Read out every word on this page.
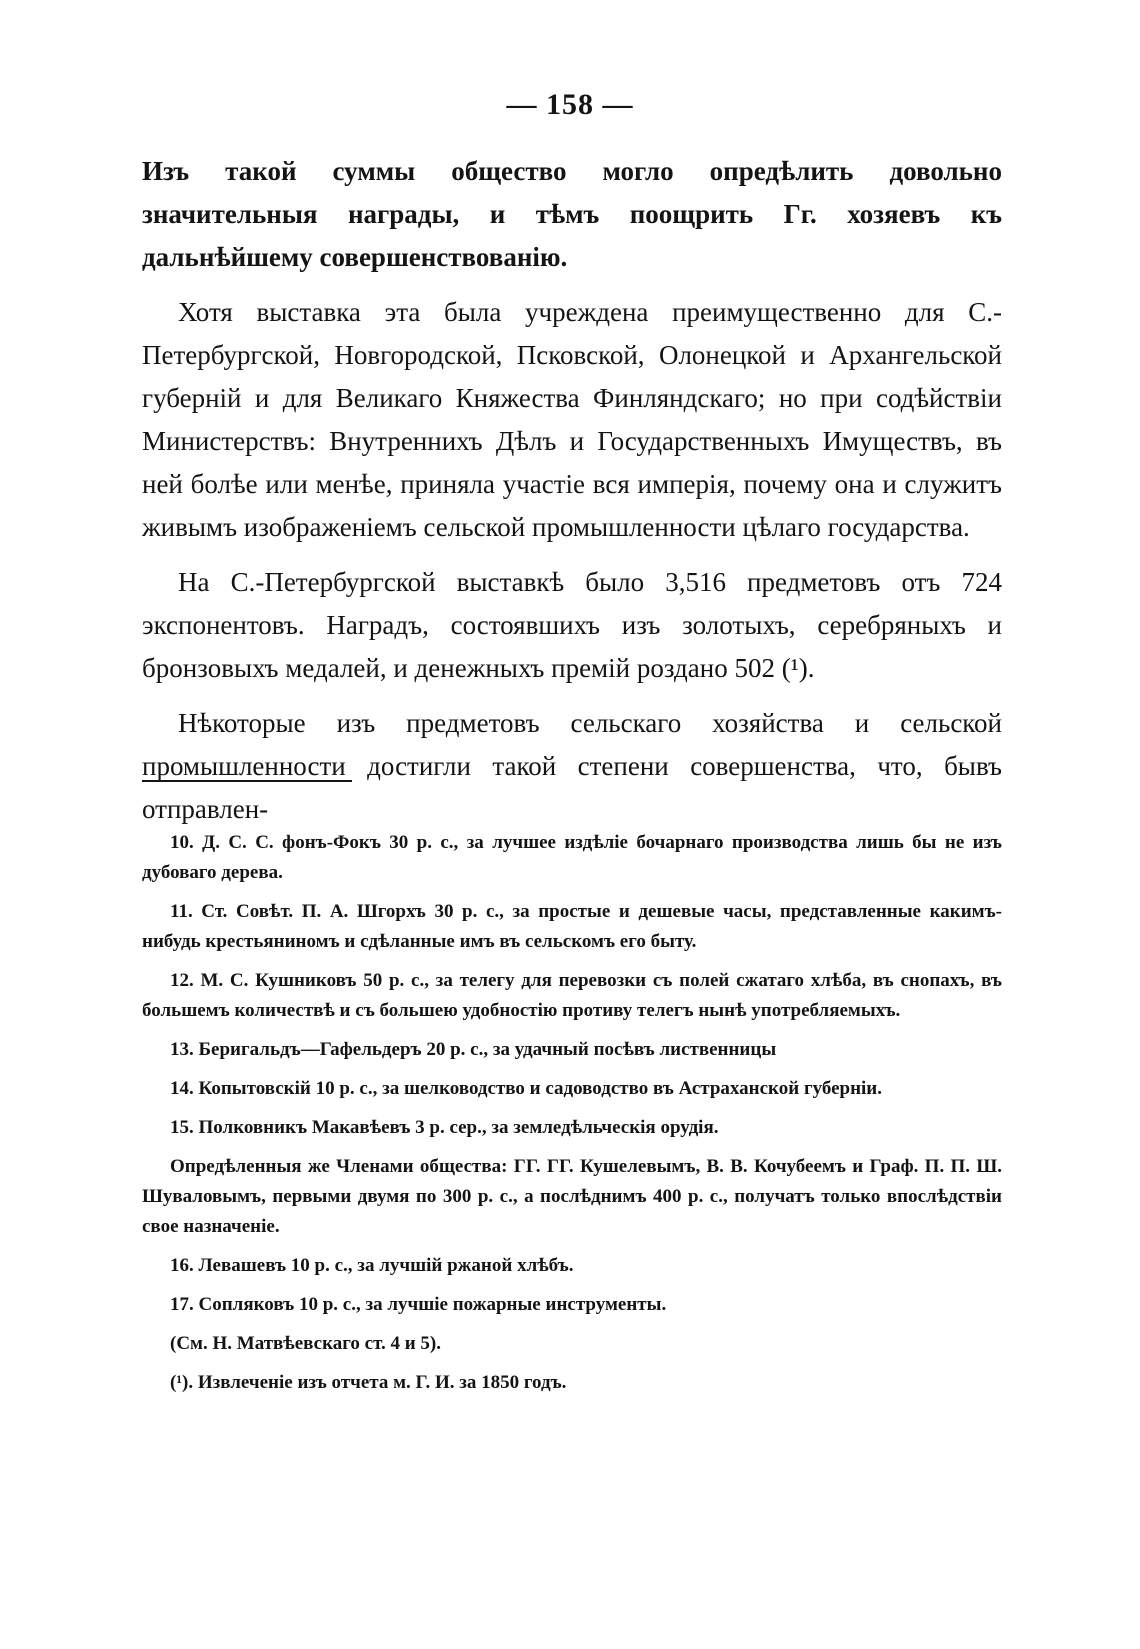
— 158 —

Изъ такой суммы общество могло опредѣлить довольно значительныя награды, и тѣмъ поощрить Гг. хозяевъ къ дальнѣйшему совершенствованію.

Хотя выставка эта была учреждена преимущественно для С.-Петербургской, Новгородской, Псковской, Олонецкой и Архангельской губерній и для Великаго Княжества Финляндскаго; но при содѣйствіи Министерствъ: Внутреннихъ Дѣлъ и Государственныхъ Имуществъ, въ ней болѣе или менѣе, приняла участіе вся имперія, почему она и служитъ живымъ изображеніемъ сельской промышленности цѣлаго государства.

На С.-Петербургской выставкѣ было 3,516 предметовъ отъ 724 экспонентовъ. Наградъ, состоявшихъ изъ золотыхъ, серебряныхъ и бронзовыхъ медалей, и денежныхъ премій роздано 502 (¹).

Нѣкоторые изъ предметовъ сельскаго хозяйства и сельской промышленности достигли такой степени совершенства, что, бывъ отправлен-

10. Д. С. С. фонъ-Фокъ 30 р. с., за лучшее издѣліе бочарнаго производства лишь бы не изъ дубоваго дерева.

11. Ст. Совѣт. П. А. Шгорхъ 30 р. с., за простые и дешевые часы, представленные какимъ-нибудь крестьяниномъ и сдѣланные имъ въ сельскомъ его быту.

12. М. С. Кушниковъ 50 р. с., за телегу для перевозки съ полей сжатаго хлѣба, въ снопахъ, въ большемъ количествѣ и съ большею удобностію противу телегъ нынѣ употребляемыхъ.

13. Беригальдъ—Гафельдеръ 20 р. с., за удачный посѣвъ лиственницы

14. Копытовскій 10 р. с., за шелководство и садоводство въ Астраханской губерніи.

15. Полковникъ Макавѣевъ 3 р. сер., за земледѣльческія орудія.

Опредѣленныя же Членами общества: ГГ. ГГ. Кушелевымъ, В. В. Кочубеемъ и Граф. П. П. Ш. Шуваловымъ, первыми двумя по 300 р. с., а послѣднимъ 400 р. с., получатъ только впослѣдствіи свое назначеніе.

16. Левашевъ 10 р. с., за лучшій ржаной хлѣбъ.

17. Сопляковъ 10 р. с., за лучшіе пожарные инструменты.

(См. Н. Матвѣевскаго ст. 4 и 5).

(¹). Извлеченіе изъ отчета м. Г. И. за 1850 годъ.
